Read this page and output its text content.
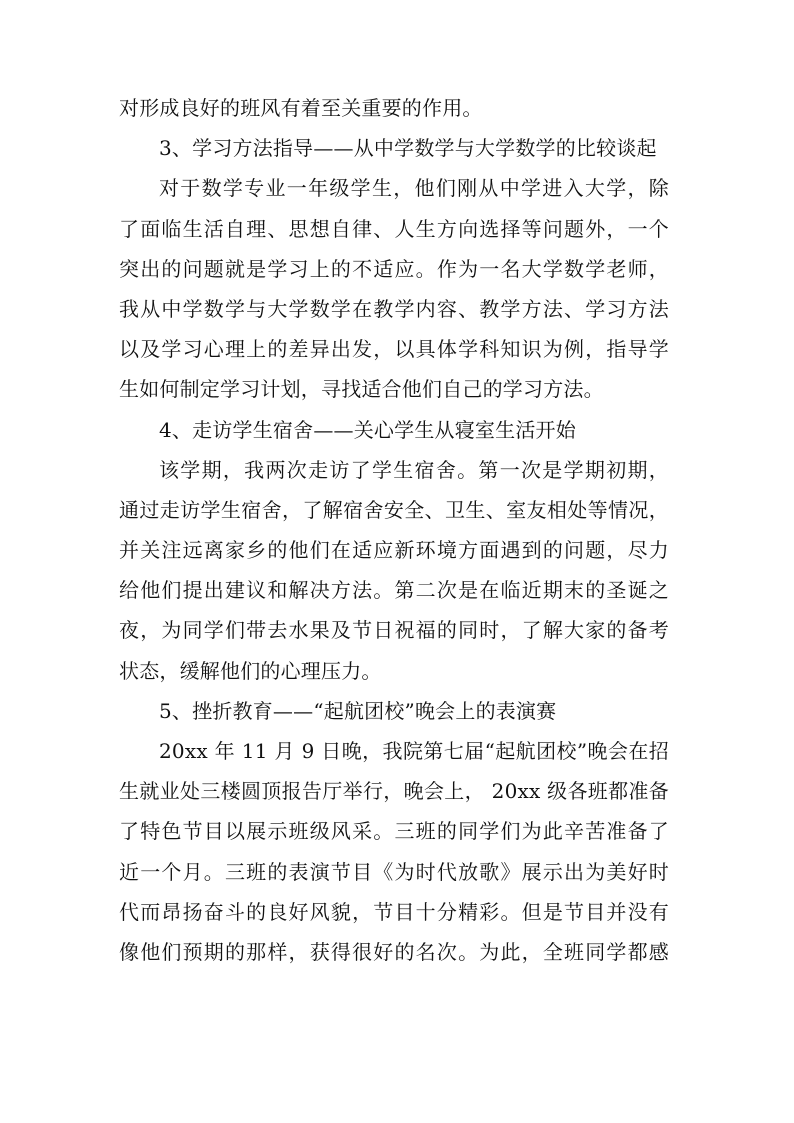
对形成良好的班风有着至关重要的作用。
3、学习方法指导——从中学数学与大学数学的比较谈起
对于数学专业一年级学生，他们刚从中学进入大学，除
了面临生活自理、思想自律、人生方向选择等问题外，一个
突出的问题就是学习上的不适应。作为一名大学数学老师，
我从中学数学与大学数学在教学内容、教学方法、学习方法
以及学习心理上的差异出发，以具体学科知识为例，指导学
生如何制定学习计划，寻找适合他们自己的学习方法。
4、走访学生宿舍——关心学生从寝室生活开始
该学期，我两次走访了学生宿舍。第一次是学期初期，
通过走访学生宿舍，了解宿舍安全、卫生、室友相处等情况，
并关注远离家乡的他们在适应新环境方面遇到的问题，尽力
给他们提出建议和解决方法。第二次是在临近期末的圣诞之
夜，为同学们带去水果及节日祝福的同时，了解大家的备考
状态，缓解他们的心理压力。
5、挫折教育——“起航团校”晚会上的表演赛
20xx 年 11 月 9 日晚，我院第七届“起航团校”晚会在招
生就业处三楼圆顶报告厅举行，晚会上， 20xx 级各班都准备
了特色节目以展示班级风采。三班的同学们为此辛苦准备了
近一个月。三班的表演节目《为时代放歌》展示出为美好时
代而昂扬奋斗的良好风貌，节目十分精彩。但是节目并没有
像他们预期的那样，获得很好的名次。为此，全班同学都感
